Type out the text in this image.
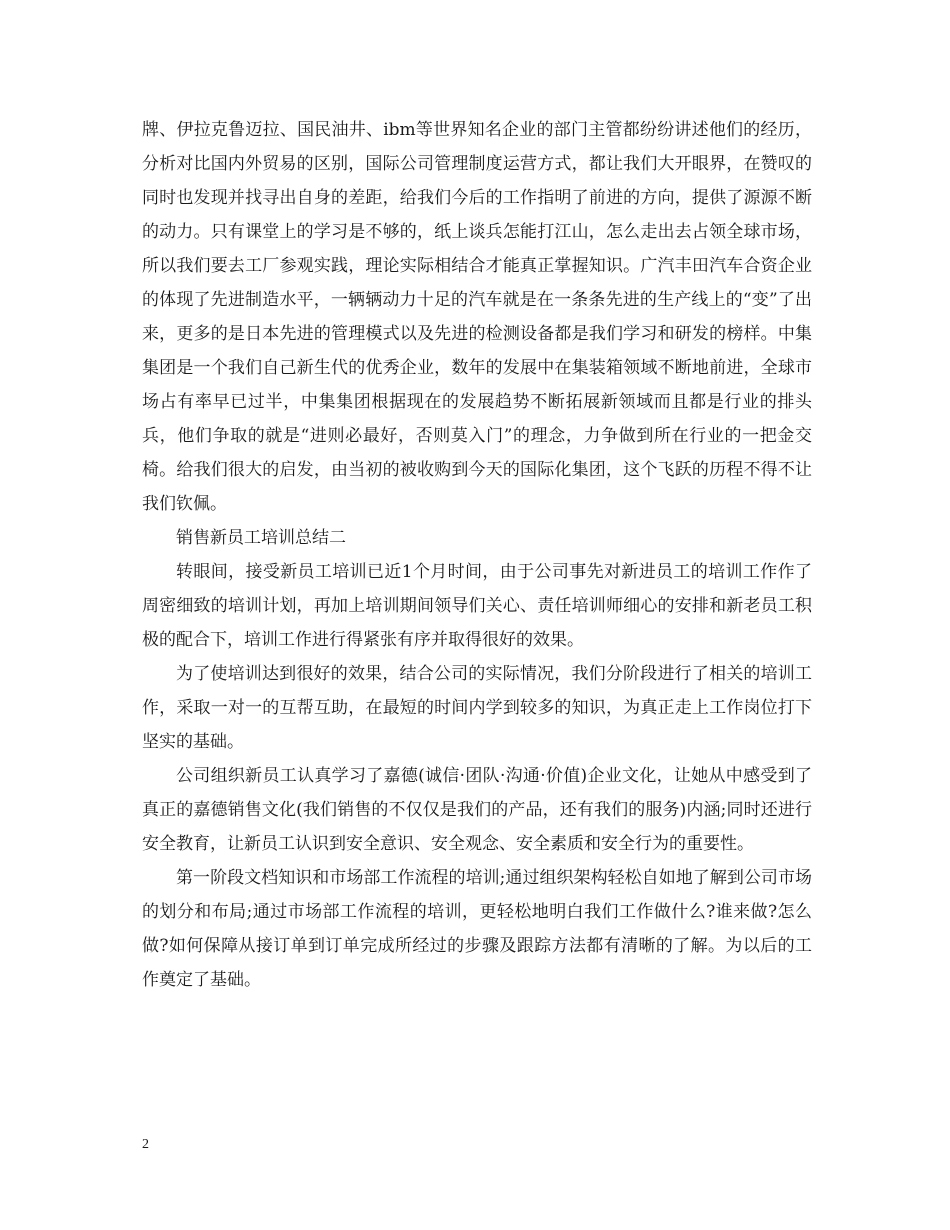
牌、伊拉克鲁迈拉、国民油井、ibm等世界知名企业的部门主管都纷纷讲述他们的经历，分析对比国内外贸易的区别，国际公司管理制度运营方式，都让我们大开眼界，在赞叹的同时也发现并找寻出自身的差距，给我们今后的工作指明了前进的方向，提供了源源不断的动力。只有课堂上的学习是不够的，纸上谈兵怎能打江山，怎么走出去占领全球市场，所以我们要去工厂参观实践，理论实际相结合才能真正掌握知识。广汽丰田汽车合资企业的体现了先进制造水平，一辆辆动力十足的汽车就是在一条条先进的生产线上的“变”了出来，更多的是日本先进的管理模式以及先进的检测设备都是我们学习和研发的榜样。中集集团是一个我们自己新生代的优秀企业，数年的发展中在集装箱领域不断地前进，全球市场占有率早已过半，中集集团根据现在的发展趋势不断拓展新领域而且都是行业的排头兵，他们争取的就是“进则必最好，否则莫入门”的理念，力争做到所在行业的一把金交椅。给我们很大的启发，由当初的被收购到今天的国际化集团，这个飞跃的历程不得不让我们钦佩。

销售新员工培训总结二

转眼间，接受新员工培训已近1个月时间，由于公司事先对新进员工的培训工作作了周密细致的培训计划，再加上培训期间领导们关心、责任培训师细心的安排和新老员工积极的配合下，培训工作进行得紧张有序并取得很好的效果。

为了使培训达到很好的效果，结合公司的实际情况，我们分阶段进行了相关的培训工作，采取一对一的互帮互助，在最短的时间内学到较多的知识，为真正走上工作岗位打下坚实的基础。

公司组织新员工认真学习了嘉德(诚信·团队·沟通·价值)企业文化，让她从中感受到了真正的嘉德销售文化(我们销售的不仅仅是我们的产品，还有我们的服务)内涵;同时还进行安全教育，让新员工认识到安全意识、安全观念、安全素质和安全行为的重要性。

第一阶段文档知识和市场部工作流程的培训;通过组织架构轻松自如地了解到公司市场的划分和布局;通过市场部工作流程的培训，更轻松地明白我们工作做什么?谁来做?怎么做?如何保障从接订单到订单完成所经过的步骤及跟踪方法都有清晰的了解。为以后的工作奠定了基础。

2
